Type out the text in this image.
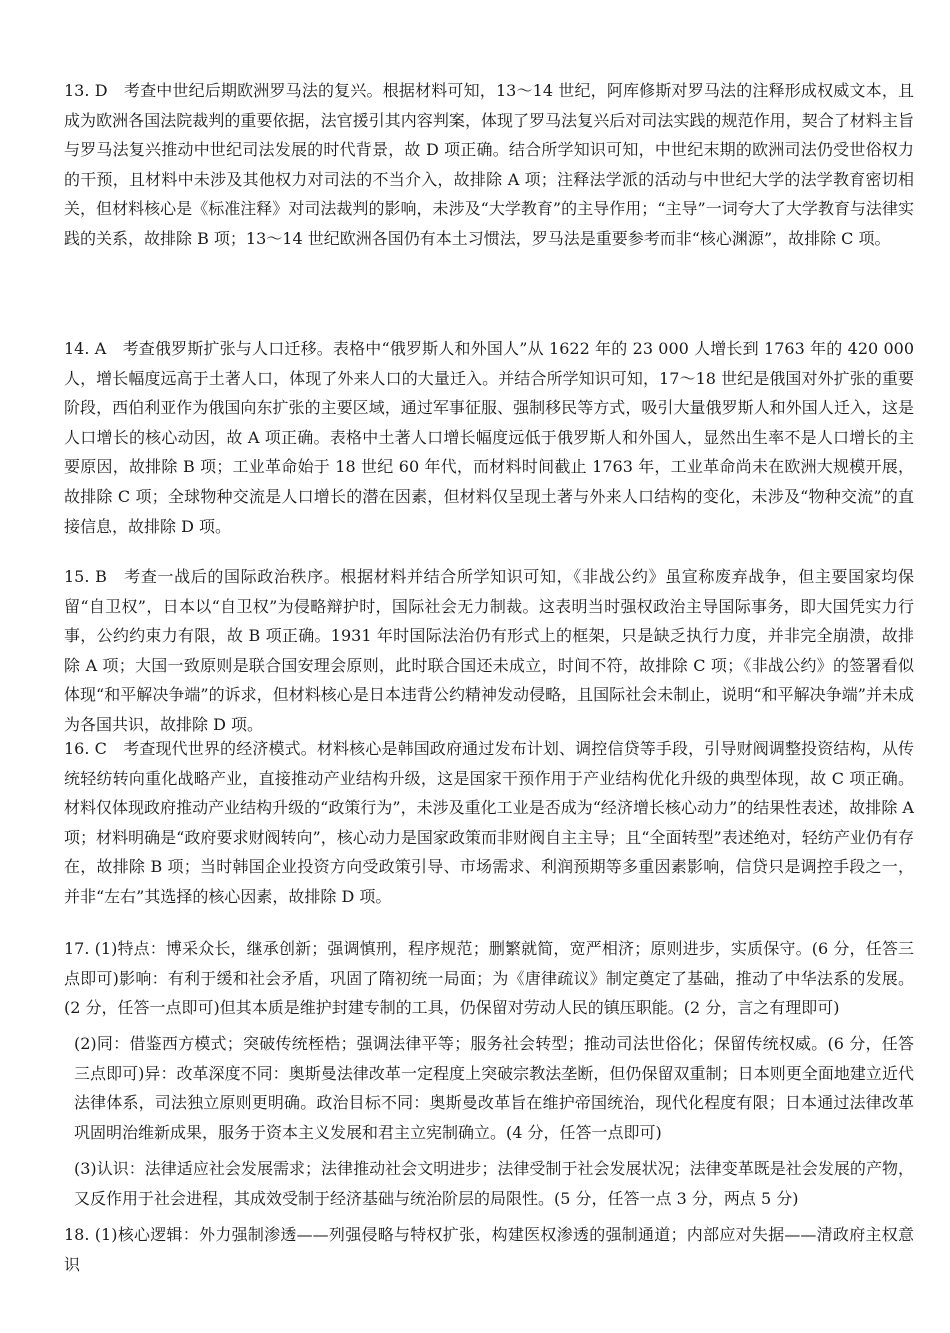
13. D　考查中世纪后期欧洲罗马法的复兴。根据材料可知，13～14 世纪，阿库修斯对罗马法的注释形成权威文本，且成为欧洲各国法院裁判的重要依据，法官援引其内容判案，体现了罗马法复兴后对司法实践的规范作用，契合了材料主旨与罗马法复兴推动中世纪司法发展的时代背景，故 D 项正确。结合所学知识可知，中世纪末期的欧洲司法仍受世俗权力的干预，且材料中未涉及其他权力对司法的不当介入，故排除 A 项；注释法学派的活动与中世纪大学的法学教育密切相关，但材料核心是《标准注释》对司法裁判的影响，未涉及“大学教育”的主导作用；“主导”一词夸大了大学教育与法律实践的关系，故排除 B 项；13～14 世纪欧洲各国仍有本土习惯法，罗马法是重要参考而非“核心渊源”，故排除 C 项。

14. A　考查俄罗斯扩张与人口迁移。表格中“俄罗斯人和外国人”从 1622 年的 23 000 人增长到 1763 年的 420 000 人，增长幅度远高于土著人口，体现了外来人口的大量迁入。并结合所学知识可知，17～18 世纪是俄国对外扩张的重要阶段，西伯利亚作为俄国向东扩张的主要区域，通过军事征服、强制移民等方式，吸引大量俄罗斯人和外国人迁入，这是人口增长的核心动因，故 A 项正确。表格中土著人口增长幅度远低于俄罗斯人和外国人，显然出生率不是人口增长的主要原因，故排除 B 项；工业革命始于 18 世纪 60 年代，而材料时间截止 1763 年，工业革命尚未在欧洲大规模开展，故排除 C 项；全球物种交流是人口增长的潜在因素，但材料仅呈现土著与外来人口结构的变化，未涉及“物种交流”的直接信息，故排除 D 项。

15. B　考查一战后的国际政治秩序。根据材料并结合所学知识可知，《非战公约》虽宣称废弃战争，但主要国家均保留“自卫权”，日本以“自卫权”为侵略辩护时，国际社会无力制裁。这表明当时强权政治主导国际事务，即大国凭实力行事，公约约束力有限，故 B 项正确。1931 年时国际法治仍有形式上的框架，只是缺乏执行力度，并非完全崩溃，故排除 A 项；大国一致原则是联合国安理会原则，此时联合国还未成立，时间不符，故排除 C 项；《非战公约》的签署看似体现“和平解决争端”的诉求，但材料核心是日本违背公约精神发动侵略，且国际社会未制止，说明“和平解决争端”并未成为各国共识，故排除 D 项。

16. C　考查现代世界的经济模式。材料核心是韩国政府通过发布计划、调控信贷等手段，引导财阀调整投资结构，从传统轻纺转向重化战略产业，直接推动产业结构升级，这是国家干预作用于产业结构优化升级的典型体现，故 C 项正确。材料仅体现政府推动产业结构升级的“政策行为”，未涉及重化工业是否成为“经济增长核心动力”的结果性表述，故排除 A 项；材料明确是“政府要求财阀转向”，核心动力是国家政策而非财阀自主主导；且“全面转型”表述绝对，轻纺产业仍有存在，故排除 B 项；当时韩国企业投资方向受政策引导、市场需求、利润预期等多重因素影响，信贷只是调控手段之一，并非“左右”其选择的核心因素，故排除 D 项。

17. (1)特点：博采众长，继承创新；强调慎刑，程序规范；删繁就简，宽严相济；原则进步，实质保守。(6 分，任答三点即可)影响：有利于缓和社会矛盾，巩固了隋初统一局面；为《唐律疏议》制定奠定了基础，推动了中华法系的发展。(2 分，任答一点即可)但其本质是维护封建专制的工具，仍保留对劳动人民的镇压职能。(2 分，言之有理即可)

(2)同：借鉴西方模式；突破传统桎梏；强调法律平等；服务社会转型；推动司法世俗化；保留传统权威。(6 分，任答三点即可)异：改革深度不同：奥斯曼法律改革一定程度上突破宗教法垄断，但仍保留双重制；日本则更全面地建立近代法律体系，司法独立原则更明确。政治目标不同：奥斯曼改革旨在维护帝国统治，现代化程度有限；日本通过法律改革巩固明治维新成果，服务于资本主义发展和君主立宪制确立。(4 分，任答一点即可)

(3)认识：法律适应社会发展需求；法律推动社会文明进步；法律受制于社会发展状况；法律变革既是社会发展的产物，又反作用于社会进程，其成效受制于经济基础与统治阶层的局限性。(5 分，任答一点 3 分，两点 5 分)

18. (1)核心逻辑：外力强制渗透——列强侵略与特权扩张，构建医权渗透的强制通道；内部应对失据——清政府主权意识
